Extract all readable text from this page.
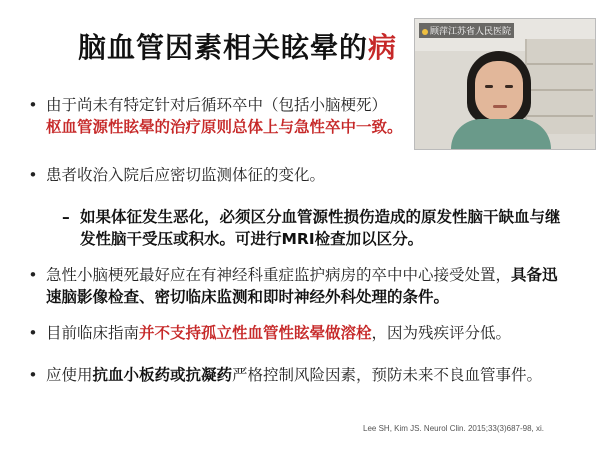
脑血管因素相关眩晕的病
• 由于尚未有特定针对后循环卒中（包括小脑梗死）
枢血管源性眩晕的治疗原则总体上与急性卒中一致。
• 患者收治入院后应密切监测体征的变化。
– 如果体征发生恶化，必须区分血管源性损伤造成的原发性脑干缺血与继发性脑干受压或积水。可进行MRI检查加以区分。
• 急性小脑梗死最好应在有神经科重症监护病房的卒中中心接受处置，具备迅速脑影像检查、密切临床监测和即时神经外科处理的条件。
• 目前临床指南并不支持孤立性血管性眩晕做溶栓，因为残疾评分低。
• 应使用抗血小板药或抗凝药严格控制风险因素，预防未来不良血管事件。
Lee SH, Kim JS. Neurol Clin. 2015;33(3)687-98, xi.
顾萍江苏省人民医院
